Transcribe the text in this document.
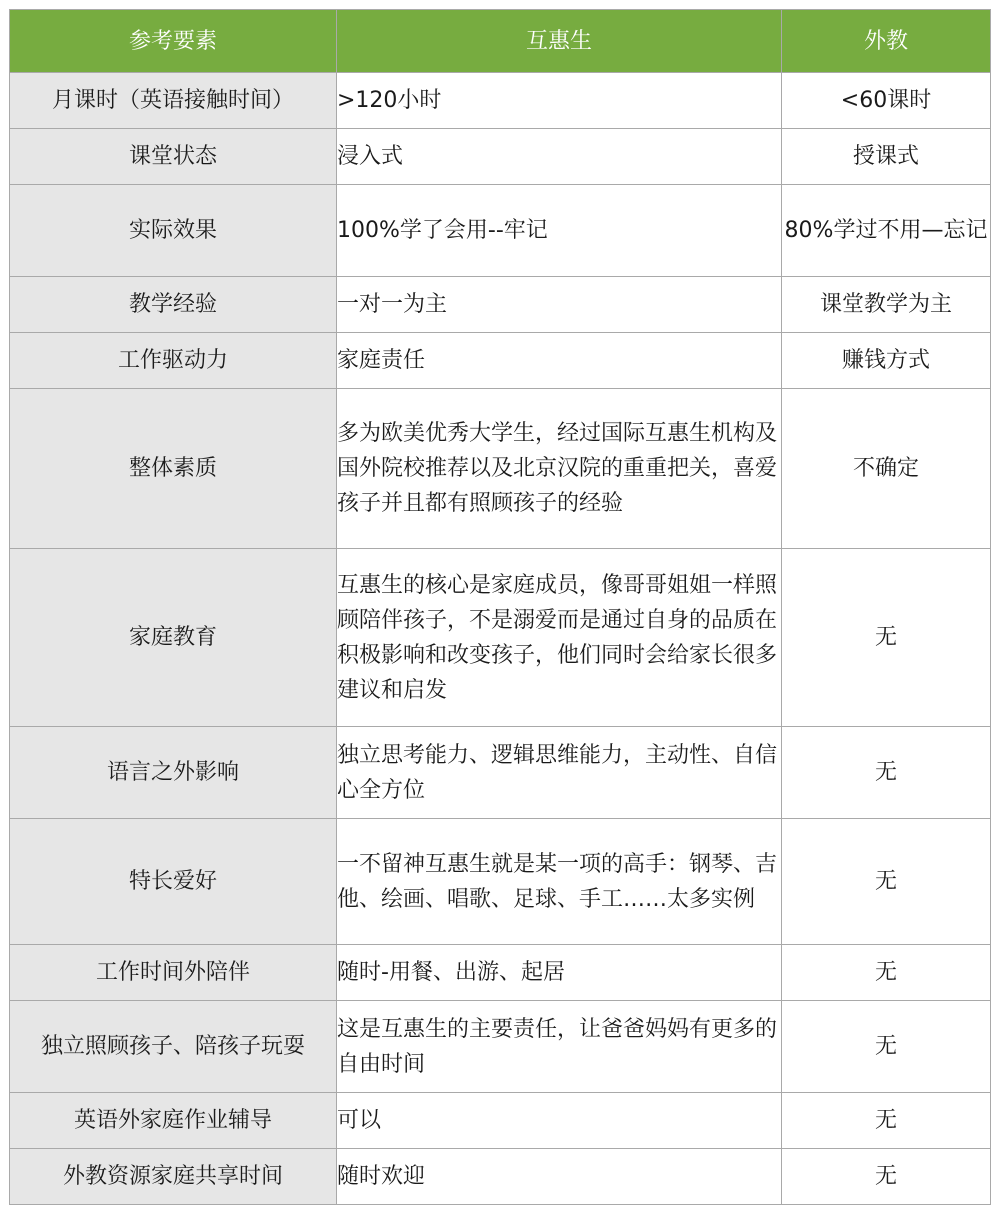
参考要素	互惠生	外教
月课时（英语接触时间）	>120小时	<60课时
课堂状态	浸入式	授课式
实际效果	100%学了会用--牢记	80%学过不用—忘记
教学经验	一对一为主	课堂教学为主
工作驱动力	家庭责任	赚钱方式
整体素质	多为欧美优秀大学生，经过国际互惠生机构及国外院校推荐以及北京汉院的重重把关，喜爱孩子并且都有照顾孩子的经验	不确定
家庭教育	互惠生的核心是家庭成员，像哥哥姐姐一样照顾陪伴孩子，不是溺爱而是通过自身的品质在积极影响和改变孩子，他们同时会给家长很多建议和启发	无
语言之外影响	独立思考能力、逻辑思维能力，主动性、自信心全方位	无
特长爱好	一不留神互惠生就是某一项的高手：钢琴、吉他、绘画、唱歌、足球、手工……太多实例	无
工作时间外陪伴	随时-用餐、出游、起居	无
独立照顾孩子、陪孩子玩耍	这是互惠生的主要责任，让爸爸妈妈有更多的自由时间	无
英语外家庭作业辅导	可以	无
外教资源家庭共享时间	随时欢迎	无
